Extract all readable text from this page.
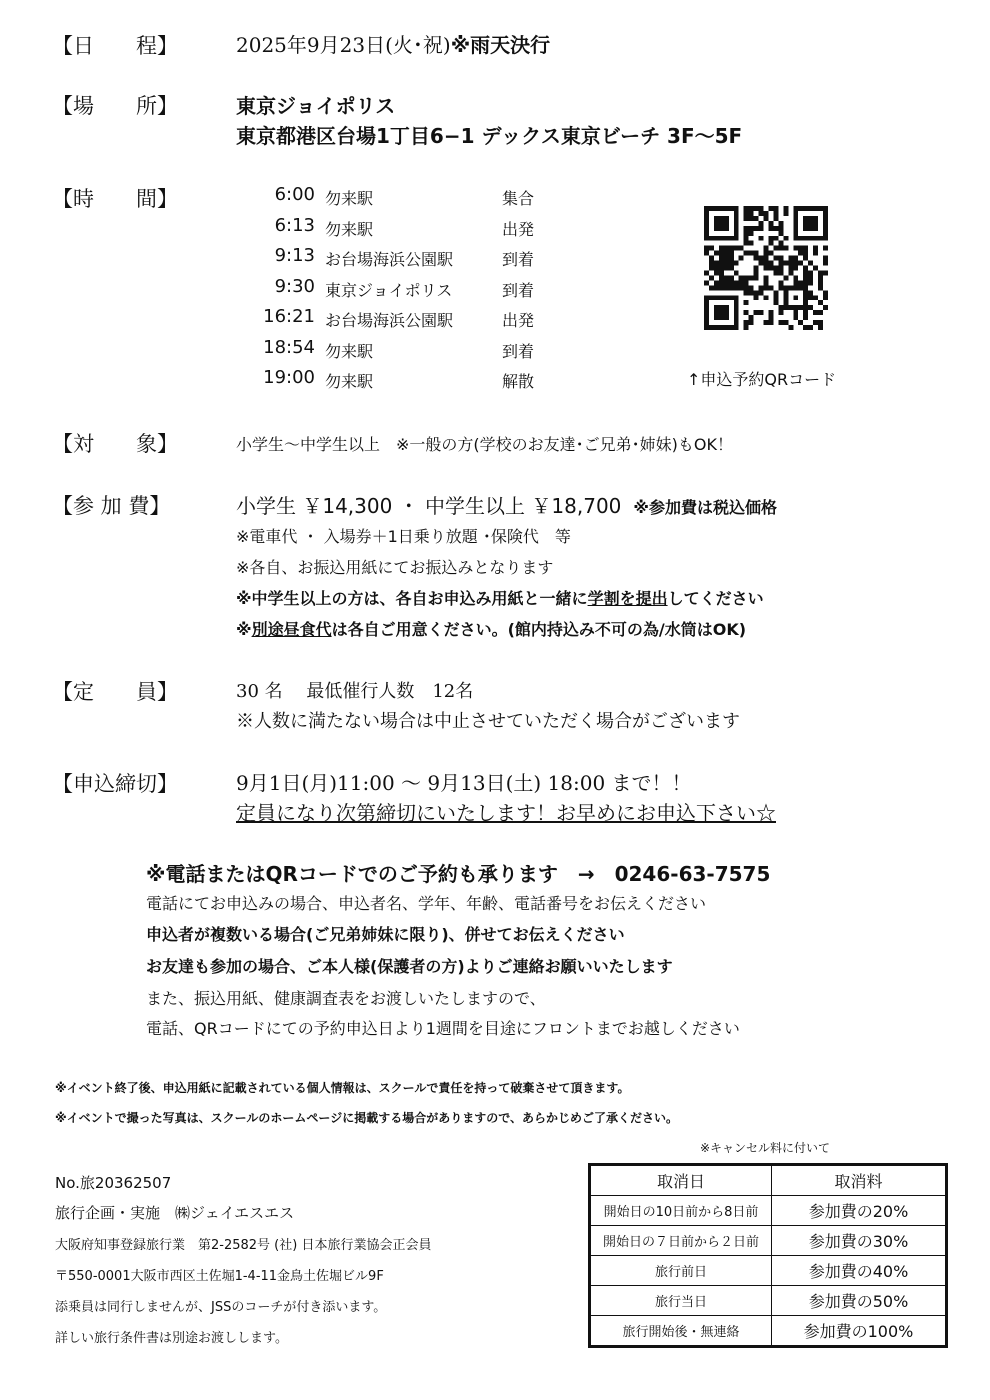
【日　　程】	2025年9月23日(火･祝)※雨天決行
【場　　所】	東京ジョイポリス
東京都港区台場1丁目6−1 デックス東京ビーチ 3F〜5F
【時　　間】	6:00 勿来駅	集合
6:13 勿来駅	出発
9:13 お台場海浜公園駅	到着
9:30 東京ジョイポリス	到着
16:21 お台場海浜公園駅	出発
18:54 勿来駅	到着
19:00 勿来駅	解散	↑申込予約QRコード
【対　　象】	小学生〜中学生以上　※一般の方(学校のお友達･ご兄弟･姉妹)もOK！
【参 加 費】	小学生 ￥14,300 ・ 中学生以上 ￥18,700 ※参加費は税込価格
※電車代 ・ 入場券＋1日乗り放題 ･保険代　等
※各自、お振込用紙にてお振込みとなります
※中学生以上の方は、各自お申込み用紙と一緒に学割を提出してください
※別途昼食代は各自ご用意ください。(館内持込み不可の為/水筒はOK)
【定　　員】	30 名　 最低催行人数　12名
※人数に満たない場合は中止させていただく場合がございます
【申込締切】	9月1日(月)11:00 〜 9月13日(土) 18:00 まで！！
定員になり次第締切にいたします！お早めにお申込下さい☆
※電話またはQRコードでのご予約も承ります　→　0246-63-7575
電話にてお申込みの場合、申込者名、学年、年齢、電話番号をお伝えください
申込者が複数いる場合(ご兄弟姉妹に限り)、併せてお伝えください
お友達も参加の場合、ご本人様(保護者の方)よりご連絡お願いいたします
また、振込用紙、健康調査表をお渡しいたしますので、
電話、QRコードにての予約申込日より1週間を目途にフロントまでお越しください
※イベント終了後、申込用紙に記載されている個人情報は、スクールで責任を持って破棄させて頂きます。
※イベントで撮った写真は、スクールのホームページに掲載する場合がありますので、あらかじめご了承ください。
No.旅20362507
旅行企画・実施　㈱ジェイエスエス
大阪府知事登録旅行業　第2-2582号 (社) 日本旅行業協会正会員
〒550-0001大阪市西区土佐堀1-4-11金鳥土佐堀ビル9F
添乗員は同行しませんが、JSSのコーチが付き添います。
詳しい旅行条件書は別途お渡しします。
※キャンセル料に付いて
取消日	取消料
開始日の10日前から8日前	参加費の20%
開始日の７日前から２日前	参加費の30%
旅行前日	参加費の40%
旅行当日	参加費の50%
旅行開始後・無連絡	参加費の100%
